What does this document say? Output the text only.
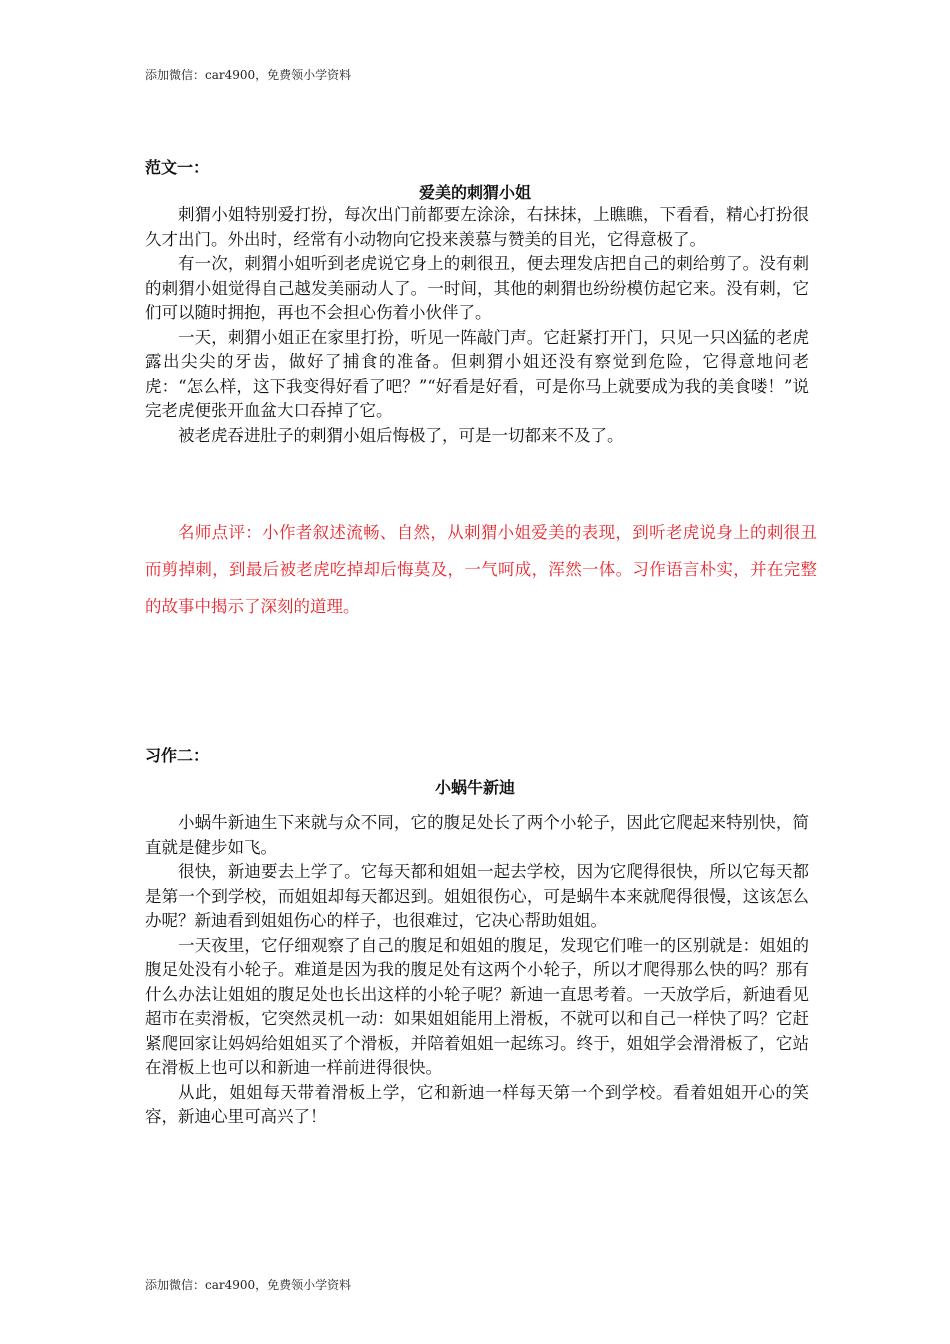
添加微信：car4900，免费领小学资料
范文一：
爱美的刺猬小姐

刺猬小姐特别爱打扮，每次出门前都要左涂涂，右抹抹，上瞧瞧，下看看，精心打扮很久才出门。外出时，经常有小动物向它投来羡慕与赞美的目光，它得意极了。

有一次，刺猬小姐听到老虎说它身上的刺很丑，便去理发店把自己的刺给剪了。没有刺的刺猬小姐觉得自己越发美丽动人了。一时间，其他的刺猬也纷纷模仿起它来。没有刺，它们可以随时拥抱，再也不会担心伤着小伙伴了。

一天，刺猬小姐正在家里打扮，听见一阵敲门声。它赶紧打开门，只见一只凶猛的老虎露出尖尖的牙齿，做好了捕食的准备。但刺猬小姐还没有察觉到危险，它得意地问老虎：“怎么样，这下我变得好看了吧？”“好看是好看，可是你马上就要成为我的美食喽！”说完老虎便张开血盆大口吞掉了它。

被老虎吞进肚子的刺猬小姐后悔极了，可是一切都来不及了。

名师点评：小作者叙述流畅、自然，从刺猬小姐爱美的表现，到听老虎说身上的刺很丑而剪掉刺，到最后被老虎吃掉却后悔莫及，一气呵成，浑然一体。习作语言朴实，并在完整的故事中揭示了深刻的道理。

习作二：
小蜗牛新迪

小蜗牛新迪生下来就与众不同，它的腹足处长了两个小轮子，因此它爬起来特别快，简直就是健步如飞。

很快，新迪要去上学了。它每天都和姐姐一起去学校，因为它爬得很快，所以它每天都是第一个到学校，而姐姐却每天都迟到。姐姐很伤心，可是蜗牛本来就爬得很慢，这该怎么办呢？新迪看到姐姐伤心的样子，也很难过，它决心帮助姐姐。

一天夜里，它仔细观察了自己的腹足和姐姐的腹足，发现它们唯一的区别就是：姐姐的腹足处没有小轮子。难道是因为我的腹足处有这两个小轮子，所以才爬得那么快的吗？那有什么办法让姐姐的腹足处也长出这样的小轮子呢？新迪一直思考着。一天放学后，新迪看见超市在卖滑板，它突然灵机一动：如果姐姐能用上滑板，不就可以和自己一样快了吗？它赶紧爬回家让妈妈给姐姐买了个滑板，并陪着姐姐一起练习。终于，姐姐学会滑滑板了，它站在滑板上也可以和新迪一样前进得很快。

从此，姐姐每天带着滑板上学，它和新迪一样每天第一个到学校。看着姐姐开心的笑容，新迪心里可高兴了！

添加微信：car4900，免费领小学资料
